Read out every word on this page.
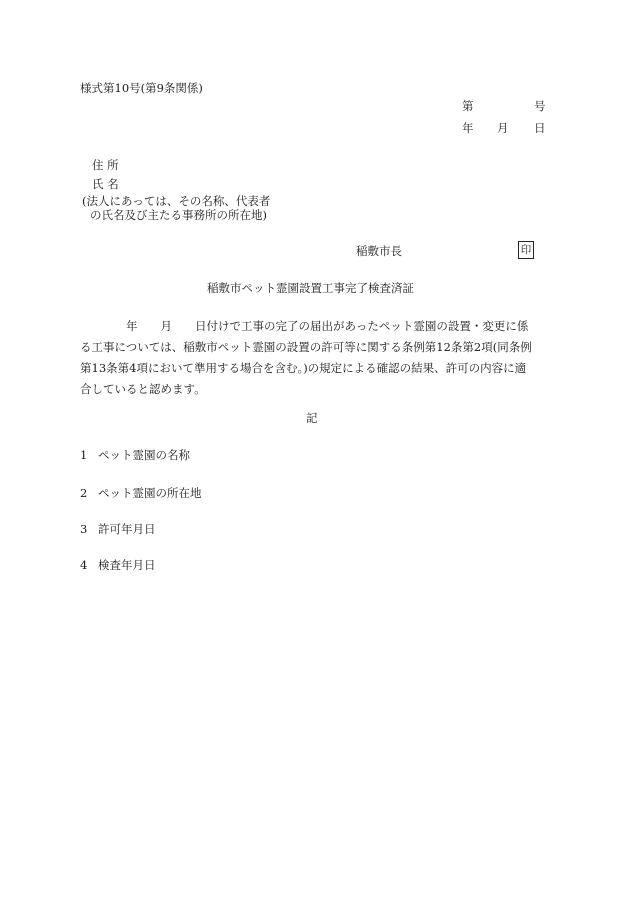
様式第10号(第9条関係)
第	号
年 月 日
住 所
氏 名
(法人にあっては、その名称、代表者
の氏名及び主たる事務所の所在地)
稲敷市長	印
稲敷市ペット霊園設置工事完了検査済証
　　　　年　　月　　日付けで工事の完了の届出があったペット霊園の設置・変更に係
る工事については、稲敷市ペット霊園の設置の許可等に関する条例第12条第2項(同条例
第13条第4項において準用する場合を含む。)の規定による確認の結果、許可の内容に適
合していると認めます。
記
1 ペット霊園の名称
2 ペット霊園の所在地
3 許可年月日
4 検査年月日
